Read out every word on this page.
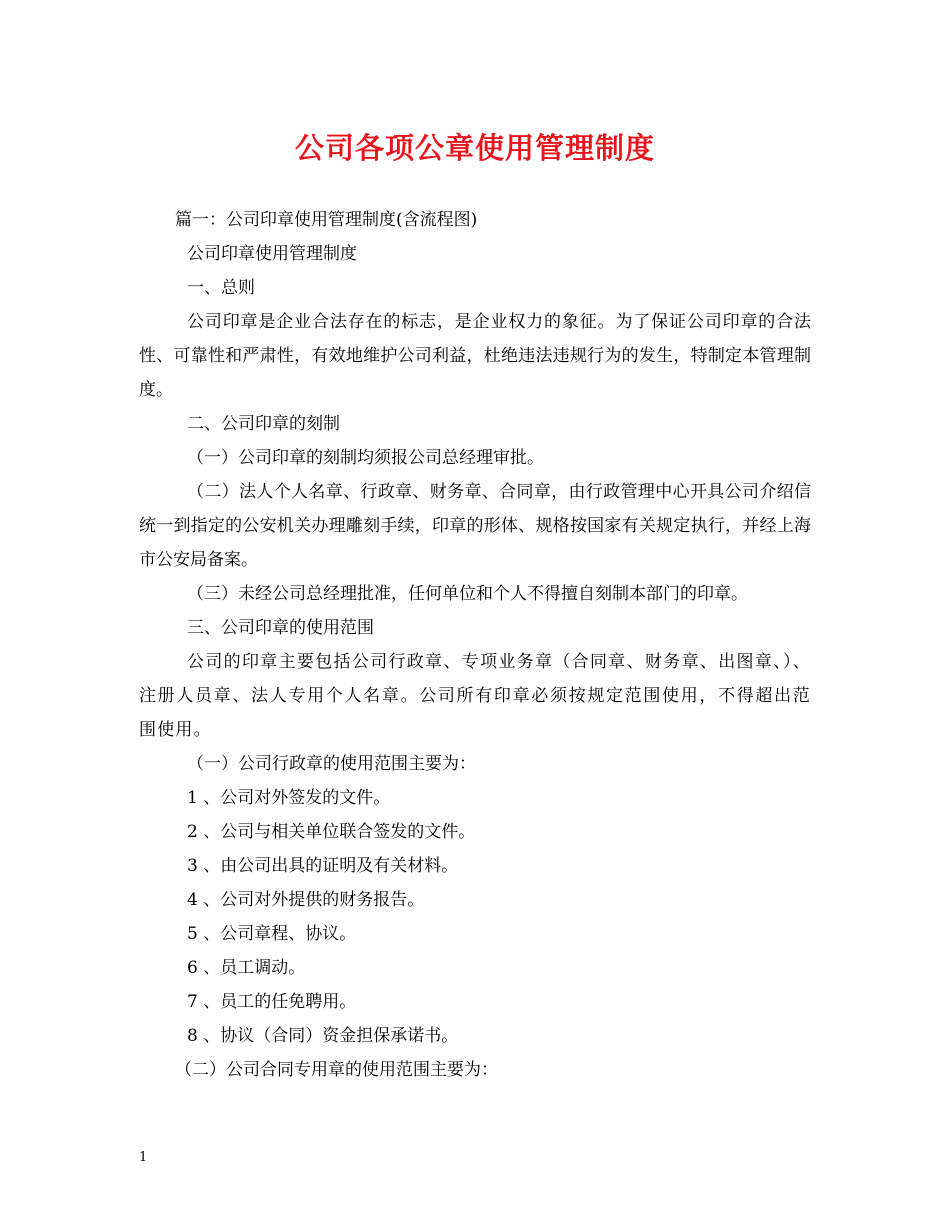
公司各项公章使用管理制度

篇一：公司印章使用管理制度(含流程图)

公司印章使用管理制度

一、总则

公司印章是企业合法存在的标志，是企业权力的象征。为了保证公司印章的合法性、可靠性和严肃性，有效地维护公司利益，杜绝违法违规行为的发生，特制定本管理制度。

二、公司印章的刻制

（一）公司印章的刻制均须报公司总经理审批。

（二）法人个人名章、行政章、财务章、合同章，由行政管理中心开具公司介绍信统一到指定的公安机关办理雕刻手续，印章的形体、规格按国家有关规定执行，并经上海市公安局备案。

（三）未经公司总经理批准，任何单位和个人不得擅自刻制本部门的印章。

三、公司印章的使用范围

公司的印章主要包括公司行政章、专项业务章（合同章、财务章、出图章、）、注册人员章、法人专用个人名章。公司所有印章必须按规定范围使用，不得超出范围使用。

（一）公司行政章的使用范围主要为：

1 、公司对外签发的文件。

2 、公司与相关单位联合签发的文件。

3 、由公司出具的证明及有关材料。

4 、公司对外提供的财务报告。

5 、公司章程、协议。

6 、员工调动。

7 、员工的任免聘用。

8 、协议（合同）资金担保承诺书。

（二）公司合同专用章的使用范围主要为：

1
